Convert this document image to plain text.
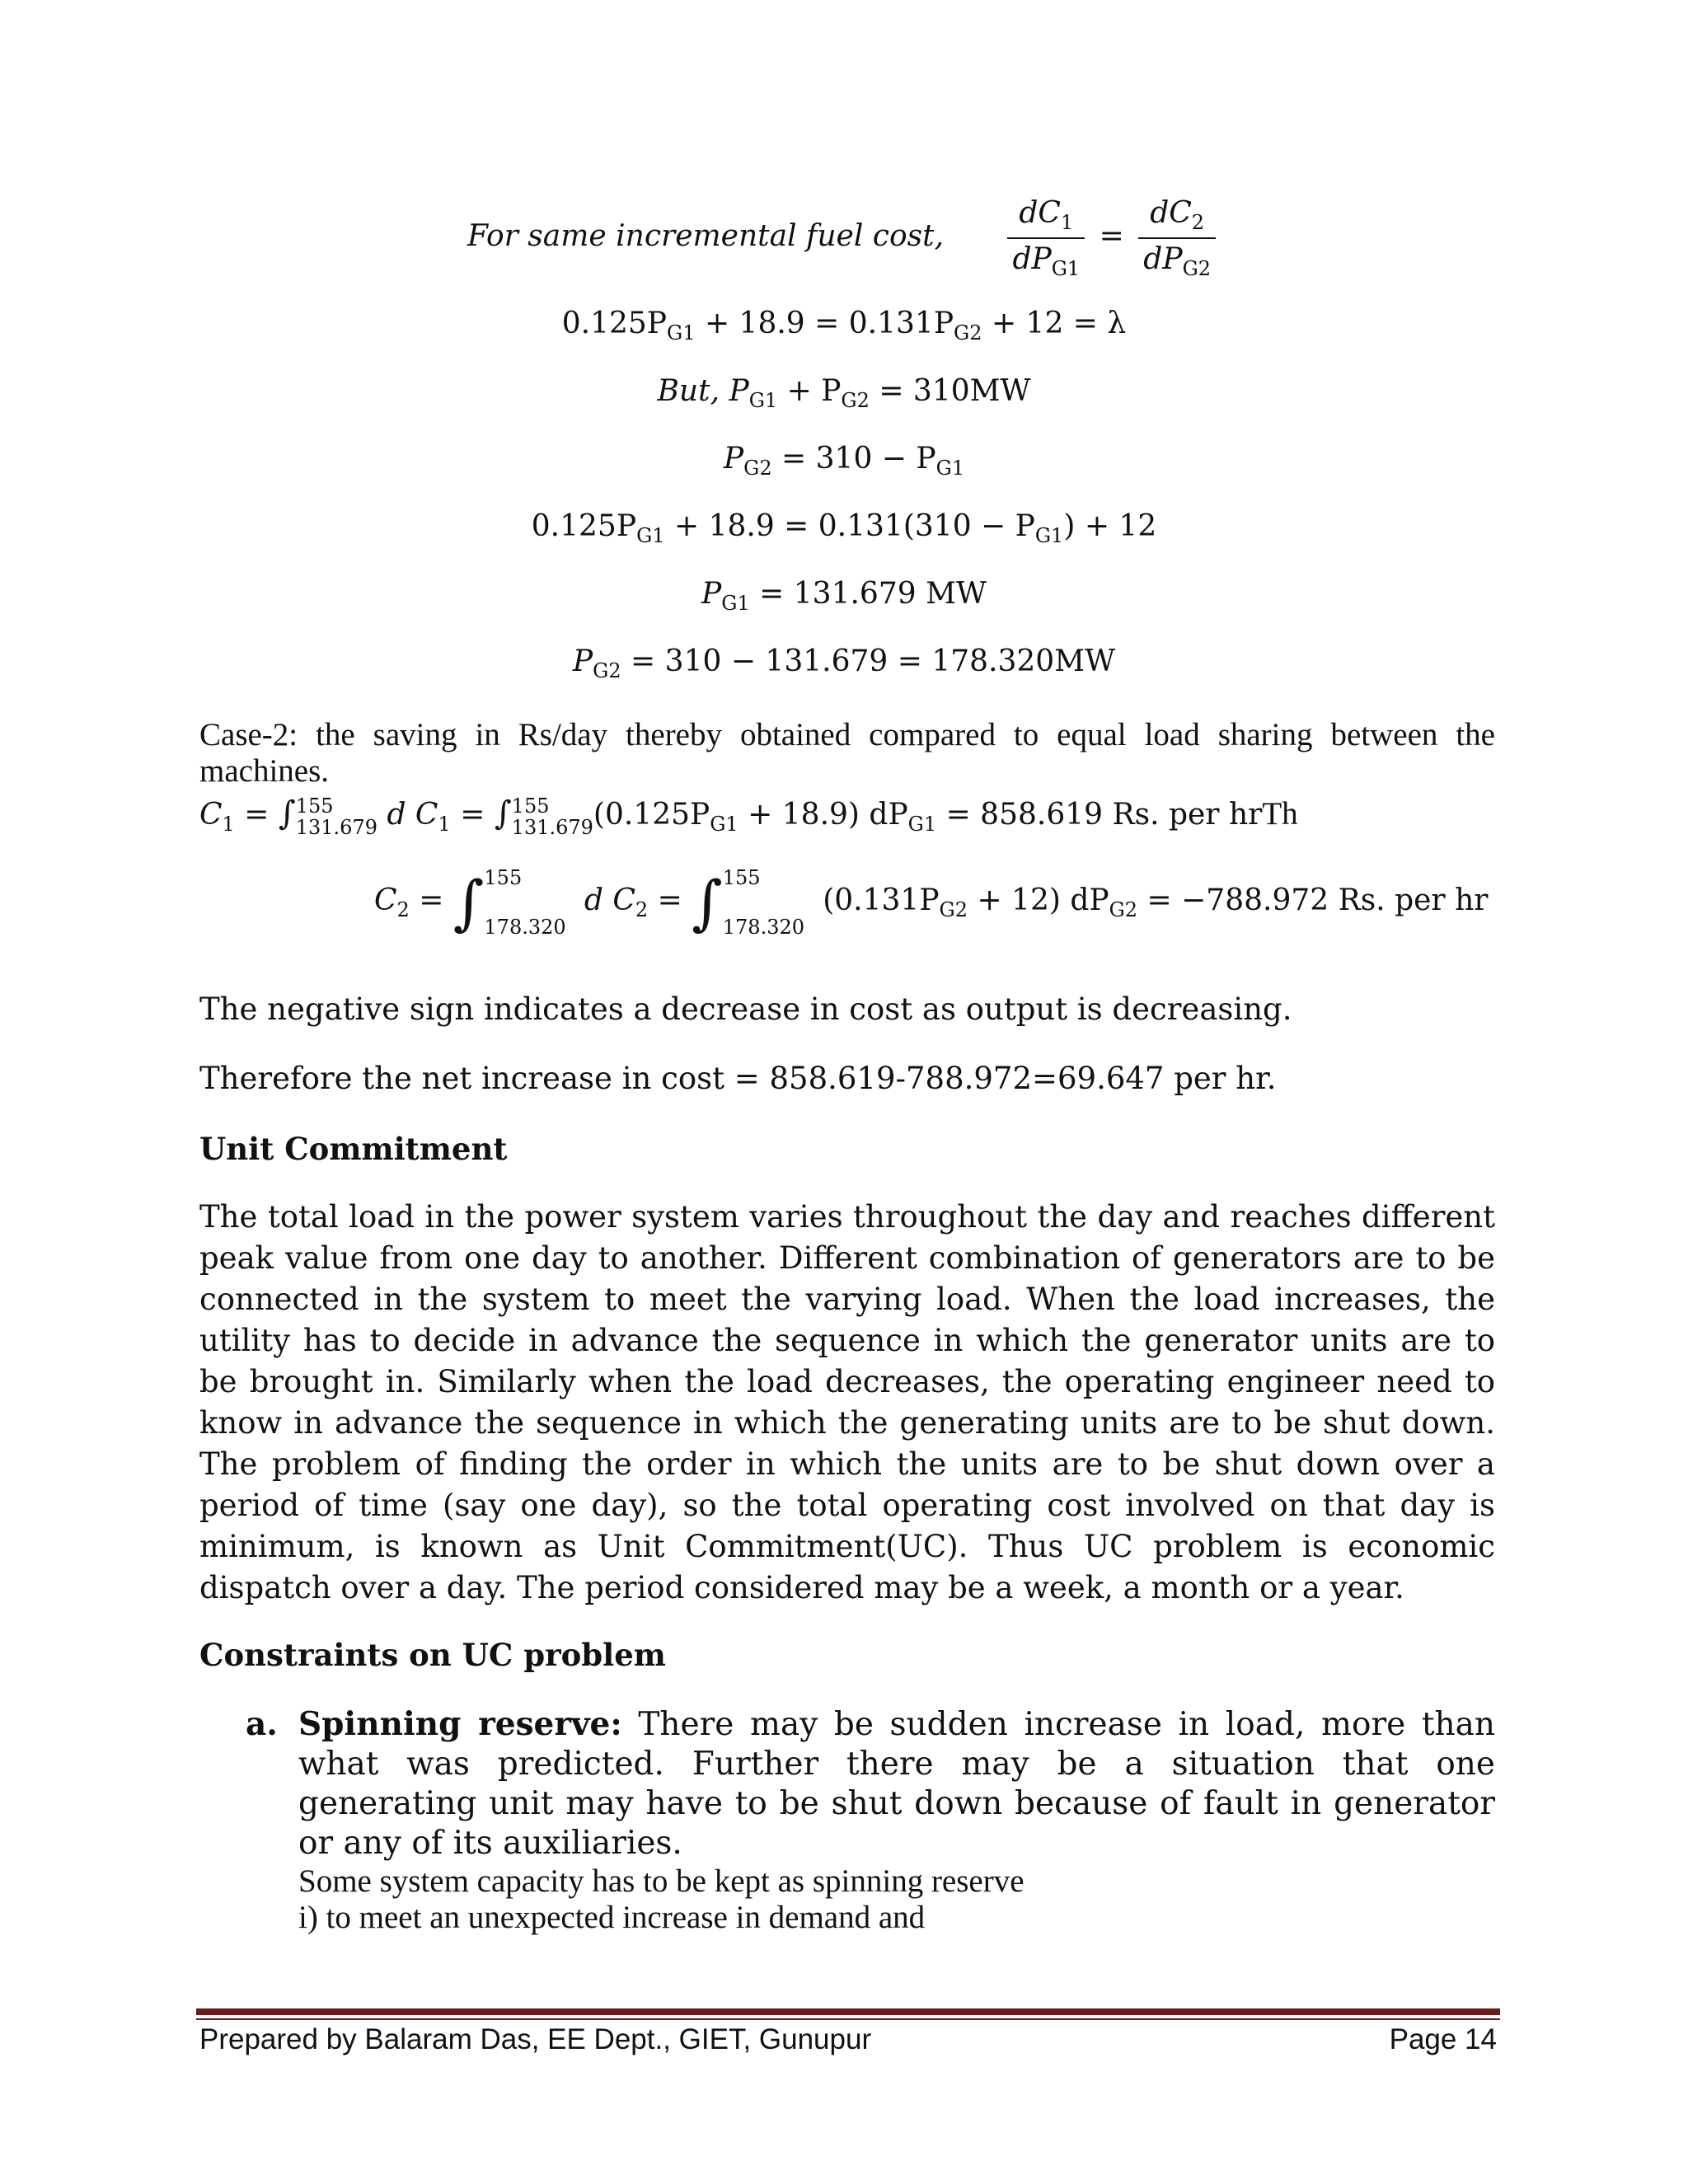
For same incremental fuel cost, $\frac{dC_1}{dP_{G1}} = \frac{dC_2}{dP_{G2}}$
$0.125P_{G1} + 18.9 = 0.131P_{G2} + 12 = \lambda$
But, $P_{G1} + P_{G2} = 310MW$
$P_{G2} = 310 - P_{G1}$
$0.125P_{G1} + 18.9 = 0.131(310 - P_{G1}) + 12$
$P_{G1} = 131.679$ MW
$P_{G2} = 310 - 131.679 = 178.320MW$
Case-2: the saving in Rs/day thereby obtained compared to equal load sharing between the machines.
$C_1$ = ∫ 155
131.679 d $C_1$ = ∫ 155
131.679 $(0.125P_{G1} + 18.9) dP_{G1} = 858.619$ Rs. per hrTh
$C_2$ = ∫ 155
178.320
d $C_2$ = ∫ 155
178.320
$(0.131P_{G2} + 12) dP_{G2} = -788.972$ Rs. per hr
The negative sign indicates a decrease in cost as output is decreasing.
Therefore the net increase in cost = 858.619-788.972=69.647 per hr.
Unit Commitment
The total load in the power system varies throughout the day and reaches different peak value from one day to another. Different combination of generators are to be connected in the system to meet the varying load. When the load increases, the utility has to decide in advance the sequence in which the generator units are to be brought in. Similarly when the load decreases, the operating engineer need to know in advance the sequence in which the generating units are to be shut down. The problem of finding the order in which the units are to be shut down over a period of time (say one day), so the total operating cost involved on that day is minimum, is known as Unit Commitment(UC). Thus UC problem is economic dispatch over a day. The period considered may be a week, a month or a year.
Constraints on UC problem
a. Spinning reserve: There may be sudden increase in load, more than what was predicted. Further there may be a situation that one generating unit may have to be shut down because of fault in generator or any of its auxiliaries.
Some system capacity has to be kept as spinning reserve
i) to meet an unexpected increase in demand and
Prepared by Balaram Das, EE Dept., GIET, Gunupur	Page 14
